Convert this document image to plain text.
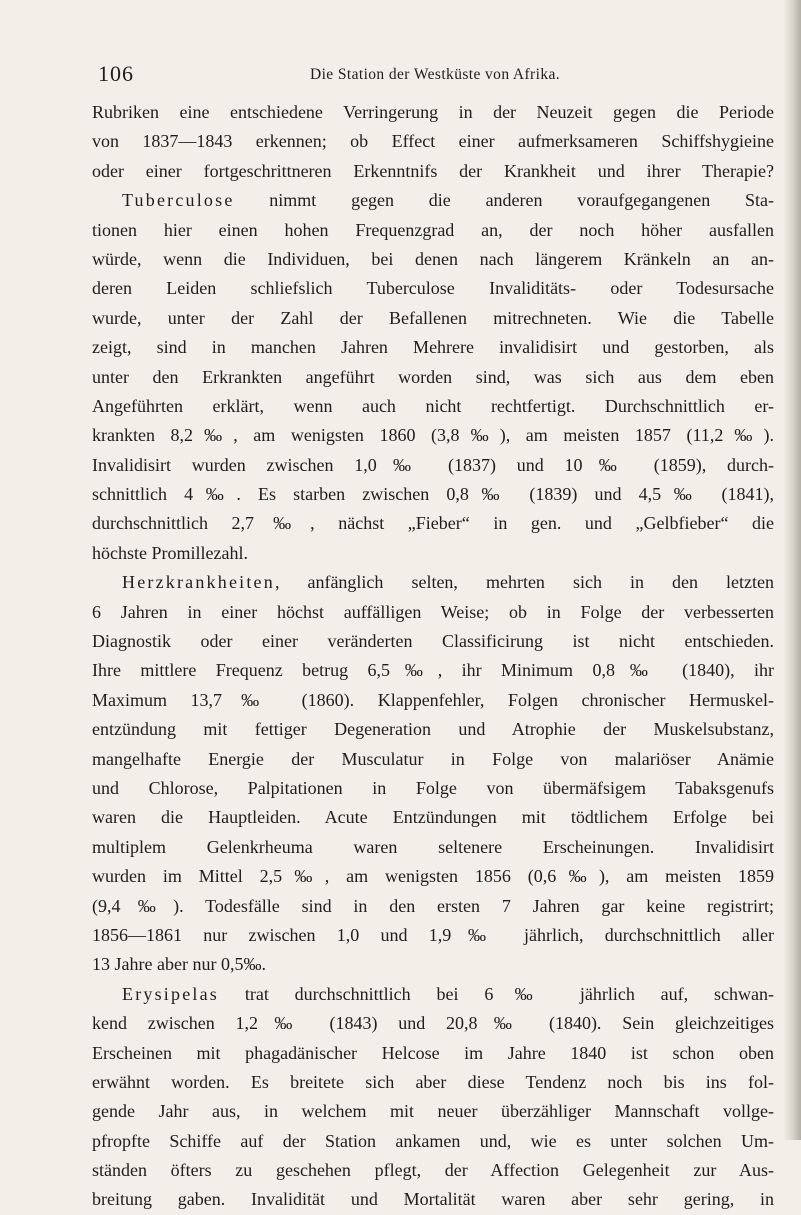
106	Die Station der Westküste von Afrika.
Rubriken eine entschiedene Verringerung in der Neuzeit gegen die Periode
von 1837—1843 erkennen; ob Effect einer aufmerksameren Schiffshygieine
oder einer fortgeschrittneren Erkenntnifs der Krankheit und ihrer Therapie?
Tuberculose nimmt gegen die anderen voraufgegangenen Sta-
tionen hier einen hohen Frequenzgrad an, der noch höher ausfallen
würde, wenn die Individuen, bei denen nach längerem Kränkeln an an-
deren Leiden schliefslich Tuberculose Invaliditäts- oder Todesursache
wurde, unter der Zahl der Befallenen mitrechneten. Wie die Tabelle
zeigt, sind in manchen Jahren Mehrere invalidisirt und gestorben, als
unter den Erkrankten angeführt worden sind, was sich aus dem eben
Angeführten erklärt, wenn auch nicht rechtfertigt. Durchschnittlich er-
krankten 8,2‰, am wenigsten 1860 (3,8‰), am meisten 1857 (11,2‰).
Invalidisirt wurden zwischen 1,0‰ (1837) und 10‰ (1859), durch-
schnittlich 4‰. Es starben zwischen 0,8‰ (1839) und 4,5‰ (1841),
durchschnittlich 2,7‰, nächst „Fieber“ in gen. und „Gelbfieber“ die
höchste Promillezahl.
Herzkrankheiten, anfänglich selten, mehrten sich in den letzten
6 Jahren in einer höchst auffälligen Weise; ob in Folge der verbesserten
Diagnostik oder einer veränderten Classificirung ist nicht entschieden.
Ihre mittlere Frequenz betrug 6,5‰, ihr Minimum 0,8‰ (1840), ihr
Maximum 13,7‰ (1860). Klappenfehler, Folgen chronischer Hermuskel-
entzündung mit fettiger Degeneration und Atrophie der Muskelsubstanz,
mangelhafte Energie der Musculatur in Folge von malariöser Anämie
und Chlorose, Palpitationen in Folge von übermäfsigem Tabaksgenufs
waren die Hauptleiden. Acute Entzündungen mit tödtlichem Erfolge bei
multiplem Gelenkrheuma waren seltenere Erscheinungen. Invalidisirt
wurden im Mittel 2,5‰, am wenigsten 1856 (0,6‰), am meisten 1859
(9,4‰). Todesfälle sind in den ersten 7 Jahren gar keine registrirt;
1856—1861 nur zwischen 1,0 und 1,9‰ jährlich, durchschnittlich aller
13 Jahre aber nur 0,5‰.
Erysipelas trat durchschnittlich bei 6‰ jährlich auf, schwan-
kend zwischen 1,2‰ (1843) und 20,8‰ (1840). Sein gleichzeitiges
Erscheinen mit phagadänischer Helcose im Jahre 1840 ist schon oben
erwähnt worden. Es breitete sich aber diese Tendenz noch bis ins fol-
gende Jahr aus, in welchem mit neuer überzähliger Mannschaft vollge-
pfropfte Schiffe auf der Station ankamen und, wie es unter solchen Um-
ständen öfters zu geschehen pflegt, der Affection Gelegenheit zur Aus-
breitung gaben. Invalidität und Mortalität waren aber sehr gering, in
